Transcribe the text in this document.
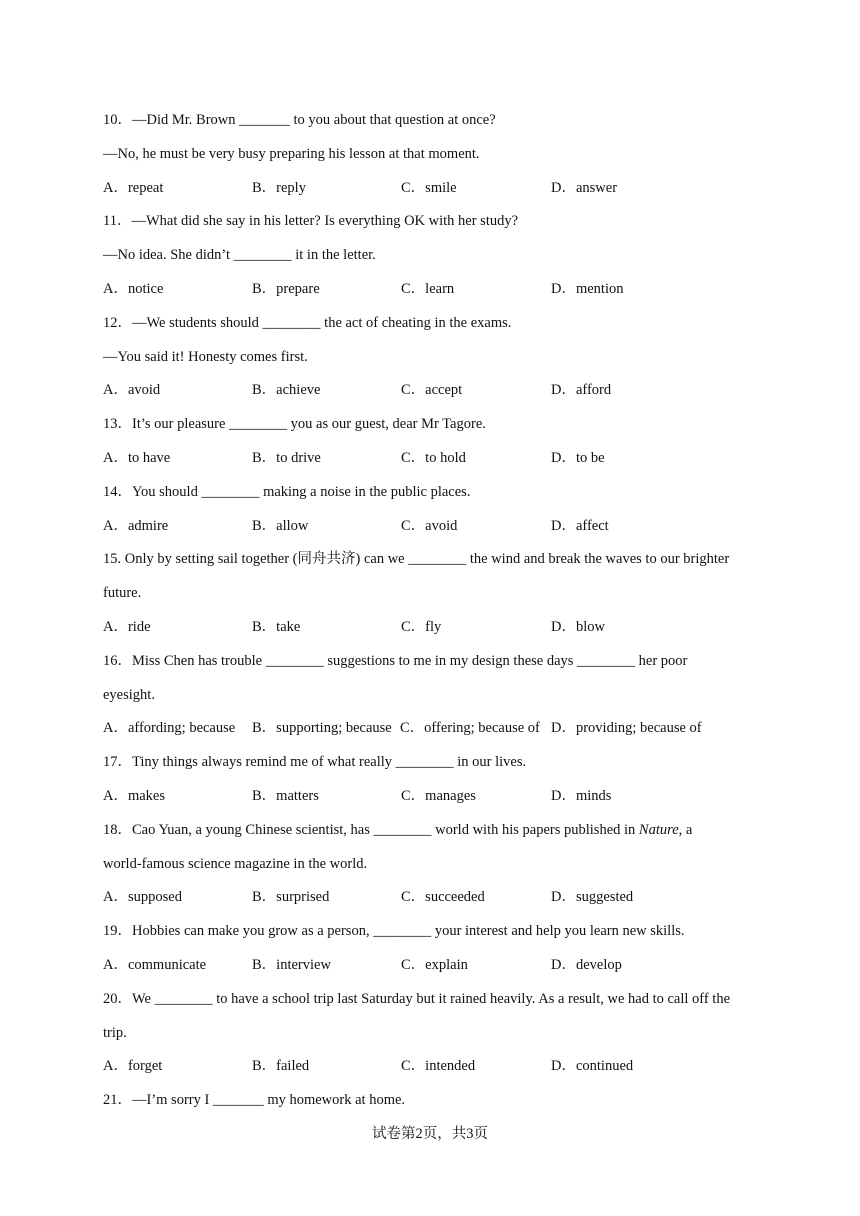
10．—Did Mr. Brown _______ to you about that question at once?
—No, he must be very busy preparing his lesson at that moment.
A．repeat	B．reply	C．smile	D．answer
11．—What did she say in his letter? Is everything OK with her study?
—No idea. She didn’t ________ it in the letter.
A．notice	B．prepare	C．learn	D．mention
12．—We students should ________ the act of cheating in the exams.
—You said it! Honesty comes first.
A．avoid	B．achieve	C．accept	D．afford
13．It’s our pleasure ________ you as our guest, dear Mr Tagore.
A．to have	B．to drive	C．to hold	D．to be
14．You should ________ making a noise in the public places.
A．admire	B．allow	C．avoid	D．affect
15. Only by setting sail together (同舟共济) can we ________ the wind and break the waves to our brighter
future.
A．ride	B．take	C．fly	D．blow
16．Miss Chen has trouble ________ suggestions to me in my design these days ________ her poor
eyesight.
A．affording; because B．supporting; because C．offering; because of D．providing; because of
17．Tiny things always remind me of what really ________ in our lives.
A．makes	B．matters	C．manages	D．minds
18．Cao Yuan, a young Chinese scientist, has ________ world with his papers published in Nature, a
world-famous science magazine in the world.
A．supposed	B．surprised	C．succeeded	D．suggested
19．Hobbies can make you grow as a person, ________ your interest and help you learn new skills.
A．communicate	B．interview	C．explain	D．develop
20．We ________ to have a school trip last Saturday but it rained heavily. As a result, we had to call off the
trip.
A．forget	B．failed	C．intended	D．continued
21．—I’m sorry I _______ my homework at home.
试卷第2页，共3页
